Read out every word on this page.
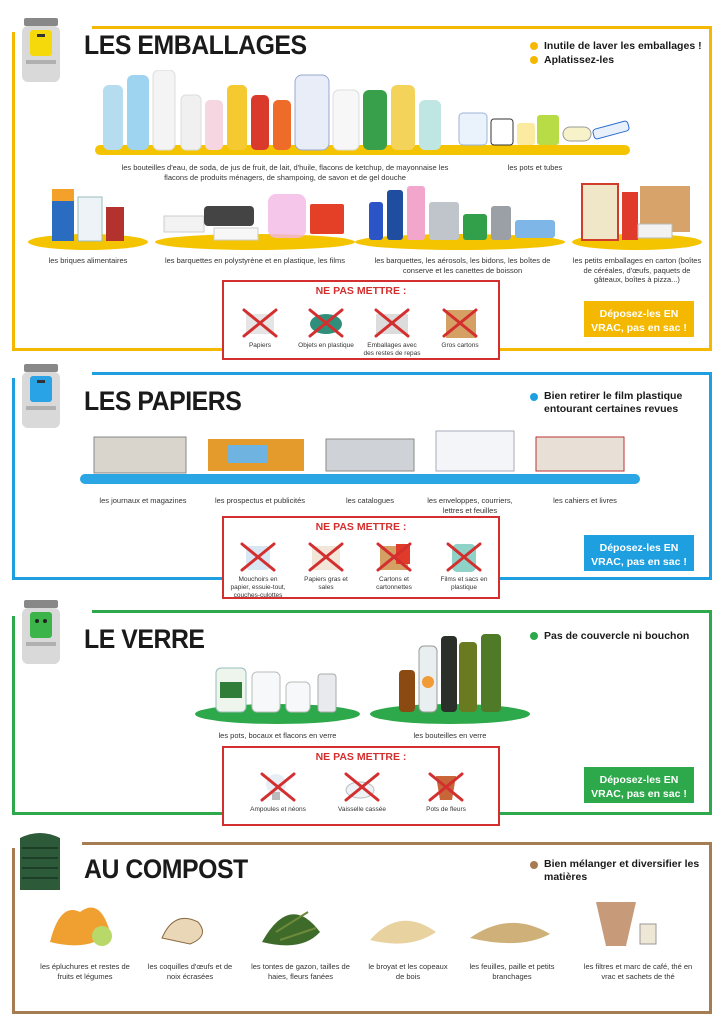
LES EMBALLAGES	Inutile de laver les emballages !
Aplatissez-les
les bouteilles d'eau, de soda, de jus de fruit, de lait, d'huile, flacons de ketchup, de mayonnaise les flacons de produits ménagers, de shampoing, de savon et de gel douche
les pots et tubes
les briques alimentaires	les barquettes en polystyrène et en plastique, les films	les barquettes, les aérosols, les bidons, les boîtes de conserve et les canettes de boisson
les petits emballages en carton (boîtes de céréales, d'œufs, paquets de gâteaux, boîtes à pizza...)
NE PAS METTRE :
Papiers	Objets en plastique	Emballages avec des restes de repas
Gros cartons
Déposez-les EN VRAC, pas en sac !
LES PAPIERS	Bien retirer le film plastique entourant certaines revues
les journaux et magazines	les prospectus et publicités	les catalogues	les enveloppes, courriers, lettres et feuilles
les cahiers et livres
NE PAS METTRE :
Mouchoirs en papier, essuie-tout, couches-culottes
Papiers gras et sales
Cartons et cartonnettes
Films et sacs en plastique
Déposez-les EN VRAC, pas en sac !
LE VERRE	Pas de couvercle ni bouchon
les pots, bocaux et flacons en verre	les bouteilles en verre
NE PAS METTRE :
Ampoules et néons	Vaisselle cassée	Pots de fleurs
Déposez-les EN VRAC, pas en sac !
AU COMPOST	Bien mélanger et diversifier les matières
les épluchures et restes de fruits et légumes
les coquilles d'œufs et de noix écrasées
les tontes de gazon, tailles de haies, fleurs fanées
le broyat et les copeaux de bois
les feuilles, paille et petits branchages
les filtres et marc de café, thé en vrac et sachets de thé
